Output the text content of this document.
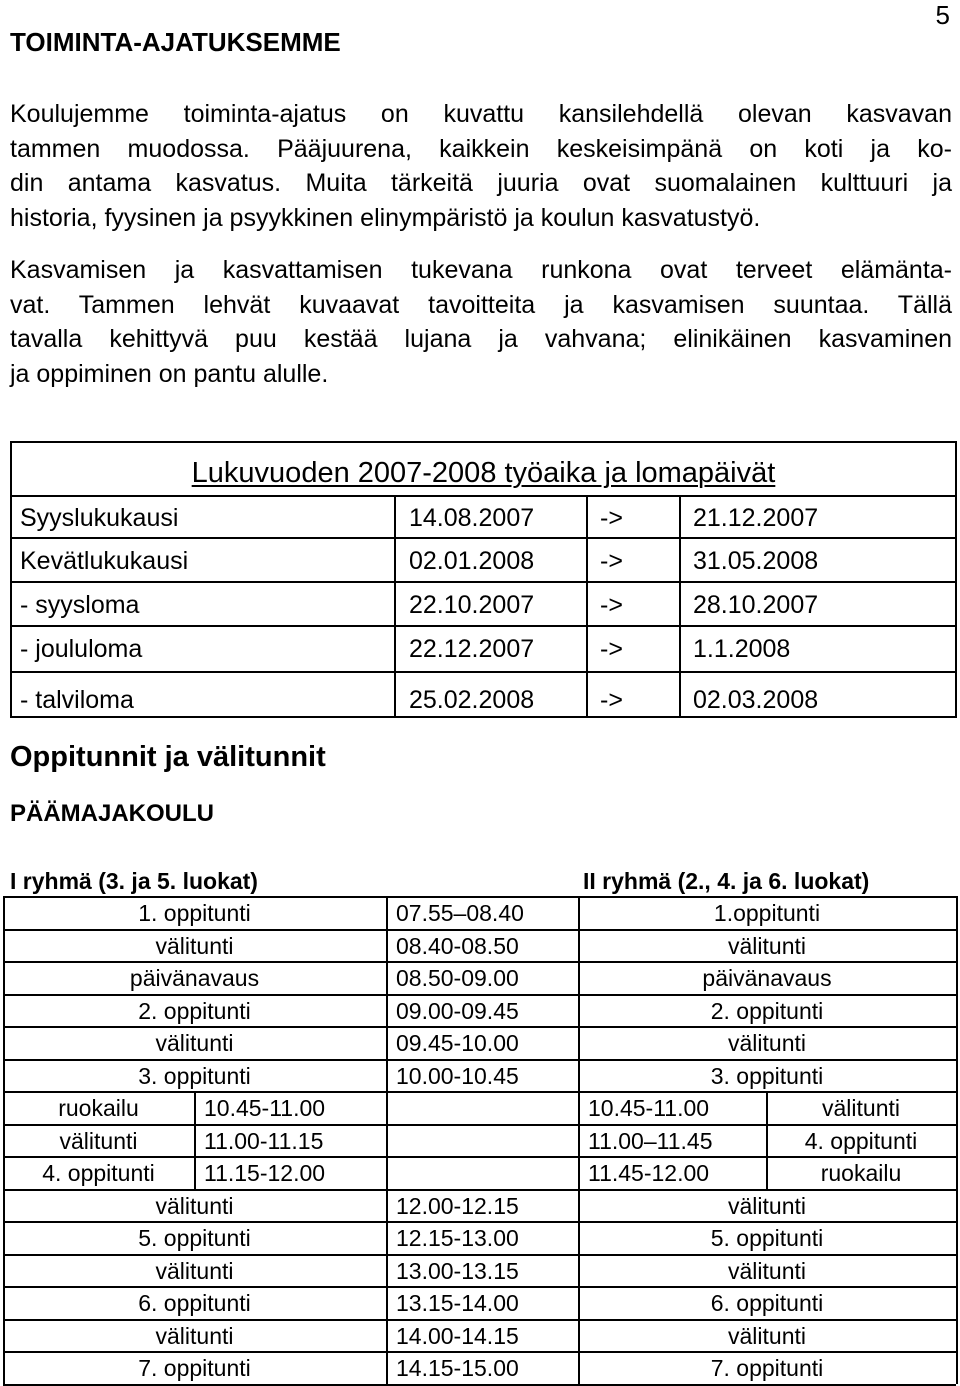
5
TOIMINTA-AJATUKSEMME
Koulujemme toiminta-ajatus on kuvattu kansilehdellä olevan kasvavan
tammen muodossa. Pääjuurena, kaikkein keskeisimpänä on koti ja ko-
din antama kasvatus. Muita tärkeitä juuria ovat suomalainen kulttuuri ja
historia, fyysinen ja psyykkinen elinympäristö ja koulun kasvatustyö.
Kasvamisen ja kasvattamisen tukevana runkona ovat terveet elämänta-
vat. Tammen lehvät kuvaavat tavoitteita ja kasvamisen suuntaa. Tällä
tavalla kehittyvä puu kestää lujana ja vahvana; elinikäinen kasvaminen
ja oppiminen on pantu alulle.
Lukuvuoden 2007-2008 työaika ja lomapäivät
Syyslukukausi	14.08.2007	->	21.12.2007
Kevätlukukausi	02.01.2008	->	31.05.2008
- syysloma	22.10.2007	->	28.10.2007
- joululoma	22.12.2007	->	1.1.2008
- talviloma	25.02.2008	->	02.03.2008
Oppitunnit ja välitunnit
PÄÄMAJAKOULU
I ryhmä (3. ja 5. luokat)	II ryhmä (2., 4. ja 6. luokat)
1. oppitunti	07.55–08.40	1.oppitunti
välitunti	08.40-08.50	välitunti
päivänavaus	08.50-09.00	päivänavaus
2. oppitunti	09.00-09.45	2. oppitunti
välitunti	09.45-10.00	välitunti
3. oppitunti	10.00-10.45	3. oppitunti
ruokailu	10.45-11.00	10.45-11.00	välitunti
välitunti	11.00-11.15	11.00–11.45	4. oppitunti
4. oppitunti	11.15-12.00	11.45-12.00	ruokailu
välitunti	12.00-12.15	välitunti
5. oppitunti	12.15-13.00	5. oppitunti
välitunti	13.00-13.15	välitunti
6. oppitunti	13.15-14.00	6. oppitunti
välitunti	14.00-14.15	välitunti
7. oppitunti	14.15-15.00	7. oppitunti
